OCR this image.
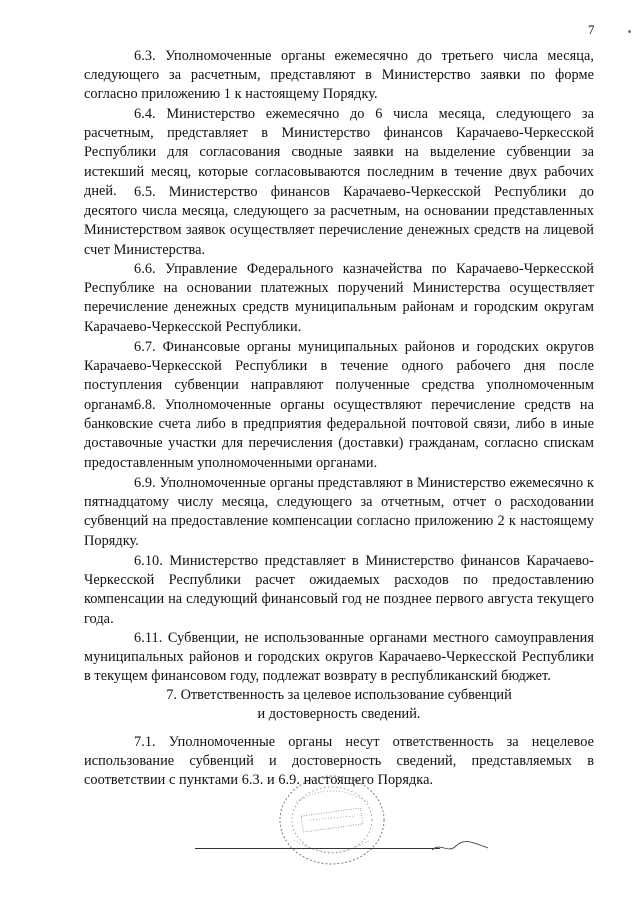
7

6.3. Уполномоченные органы ежемесячно до третьего числа месяца, следующего за расчетным, представляют в Министерство заявки по форме согласно приложению 1 к настоящему Порядку.

6.4. Министерство ежемесячно до 6 числа месяца, следующего за расчетным, представляет в Министерство финансов Карачаево-Черкесской Республики для согласования сводные заявки на выделение субвенции за истекший месяц, которые согласовываются последним в течение двух рабочих дней.	6.5. Министерство финансов Карачаево-Черкесской Республики до десятого числа месяца, следующего за расчетным, на основании представленных Министерством заявок осуществляет перечисление денежных средств на лицевой счет Министерства.

6.6. Управление Федерального казначейства по Карачаево-Черкесской Республике на основании платежных поручений Министерства осуществляет перечисление денежных средств муниципальным районам и городским округам Карачаево-Черкесской Республики.

6.7. Финансовые органы муниципальных районов и городских округов Карачаево-Черкесской Республики в течение одного рабочего дня после поступления субвенции направляют полученные средства уполномоченным органам.

6.8. Уполномоченные органы осуществляют перечисление средств на банковские счета либо в предприятия федеральной почтовой связи, либо в иные доставочные участки для перечисления (доставки) гражданам, согласно спискам предоставленным уполномоченными органами.

6.9. Уполномоченные органы представляют в Министерство ежемесячно к пятнадцатому числу месяца, следующего за отчетным, отчет о расходовании субвенций на предоставление компенсации согласно приложению 2 к настоящему Порядку.

6.10. Министерство представляет в Министерство финансов Карачаево-Черкесской Республики расчет ожидаемых расходов по предоставлению компенсации на следующий финансовый год не позднее первого августа текущего года.

6.11. Субвенции, не использованные органами местного самоуправления муниципальных районов и городских округов Карачаево-Черкесской Республики в текущем финансовом году, подлежат возврату в республиканский бюджет.

7. Ответственность за целевое использование субвенций

и достоверность сведений.

7.1. Уполномоченные органы несут ответственность за нецелевое использование субвенций и достоверность сведений, представляемых в соответствии с пунктами 6.3. и 6.9. настоящего Порядка.
